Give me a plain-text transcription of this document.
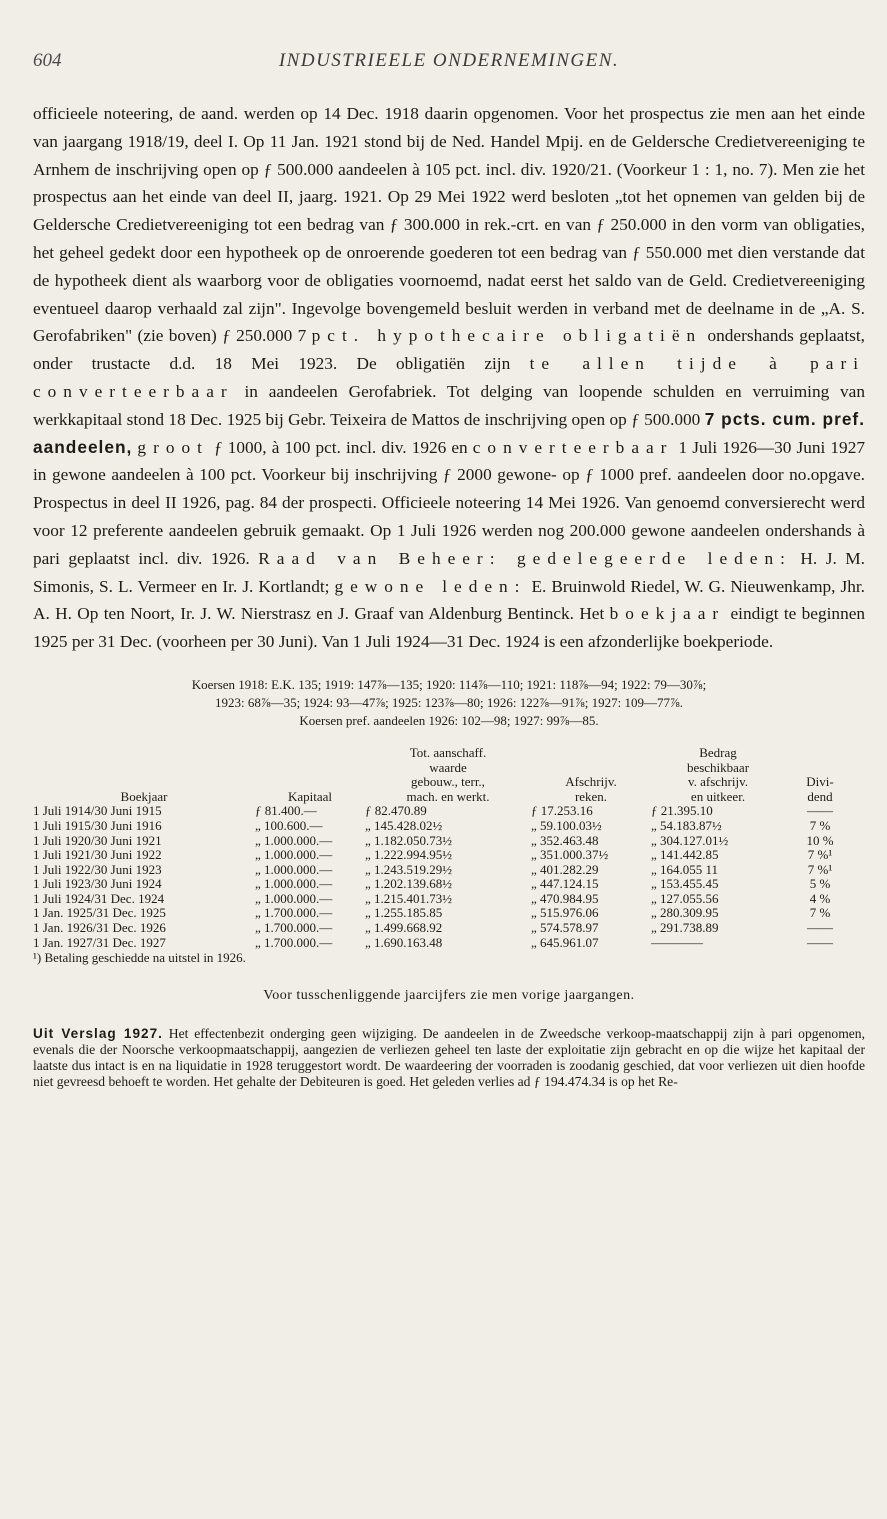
604	INDUSTRIEELE ONDERNEMINGEN.

officieele noteering, de aand. werden op 14 Dec. 1918 daarin opgenomen. Voor het prospectus zie men aan het einde van jaargang 1918/19, deel I. Op 11 Jan. 1921 stond bij de Ned. Handel Mpij. en de Geldersche Credietvereeniging te Arnhem de inschrijving open op ƒ 500.000 aandeelen à 105 pct. incl. div. 1920/21. (Voorkeur 1 : 1, no. 7). Men zie het prospectus aan het einde van deel II, jaarg. 1921. Op 29 Mei 1922 werd besloten „tot het opnemen van gelden bij de Geldersche Credietvereeniging tot een bedrag van ƒ 300.000 in rek.-crt. en van ƒ 250.000 in den vorm van obligaties, het geheel gedekt door een hypotheek op de onroerende goederen tot een bedrag van ƒ 550.000 met dien verstande dat de hypotheek dient als waarborg voor de obligaties voornoemd, nadat eerst het saldo van de Geld. Credietvereeniging eventueel daarop verhaald zal zijn". Ingevolge bovengemeld besluit werden in verband met de deelname in de „A. S. Gerofabriken" (zie boven) ƒ 250.000 7 pct. hypothecaire obligatiën ondershands geplaatst, onder trustacte d.d. 18 Mei 1923. De obligatiën zijn te allen tijde à pari converteerbaar in aandeelen Gerofabriek. Tot delging van loopende schulden en verruiming van werkkapitaal stond 18 Dec. 1925 bij Gebr. Teixeira de Mattos de inschrijving open op ƒ 500.000 7 pcts. cum. pref. aandeelen, groot ƒ 1000, à 100 pct. incl. div. 1926 en converteerbaar 1 Juli 1926—30 Juni 1927 in gewone aandeelen à 100 pct. Voorkeur bij inschrijving ƒ 2000 gewone- op ƒ 1000 pref. aandeelen door no.opgave. Prospectus in deel II 1926, pag. 84 der prospecti. Officieele noteering 14 Mei 1926. Van genoemd conversierecht werd voor 12 preferente aandeelen gebruik gemaakt. Op 1 Juli 1926 werden nog 200.000 gewone aandeelen ondershands à pari geplaatst incl. div. 1926. Raad van Beheer: gedelegeerde leden: H. J. M. Simonis, S. L. Vermeer en Ir. J. Kortlandt; gewone leden: E. Bruinwold Riedel, W. G. Nieuwenkamp, Jhr. A. H. Op ten Noort, Ir. J. W. Nierstrasz en J. Graaf van Aldenburg Bentinck. Het boekjaar eindigt te beginnen 1925 per 31 Dec. (voorheen per 30 Juni). Van 1 Juli 1924—31 Dec. 1924 is een afzonderlijke boekperiode.

Koersen 1918: E.K. 135; 1919: 147⅞—135; 1920: 114⅞—110; 1921: 118⅞—94; 1922: 79—30⅞;
1923: 68⅞—35; 1924: 93—47⅞; 1925: 123⅞—80; 1926: 122⅞—91⅞; 1927: 109—77⅞.
Koersen pref. aandeelen 1926: 102—98; 1927: 99⅞—85.
		Tot. aanschaff.		Bedrag	
		waarde		beschikbaar	
		gebouw., terr.,	Afschrijv.	v. afschrijv.	Divi-
Boekjaar	Kapitaal	mach. en werkt.	reken.	en uitkeer.	dend
1 Juli 1914/30 Juni 1915	ƒ 81.400.—	ƒ 82.470.89	ƒ 17.253.16	ƒ 21.395.10	——
1 Juli 1915/30 Juni 1916	„ 100.600.—	„ 145.428.02½	„ 59.100.03½	„ 54.183.87½	7 %
1 Juli 1920/30 Juni 1921	„ 1.000.000.—	„ 1.182.050.73½	„ 352.463.48	„ 304.127.01½	10 %
1 Juli 1921/30 Juni 1922	„ 1.000.000.—	„ 1.222.994.95½	„ 351.000.37½	„ 141.442.85	7 %¹
1 Juli 1922/30 Juni 1923	„ 1.000.000.—	„ 1.243.519.29½	„ 401.282.29	„ 164.055 11	7 %¹
1 Juli 1923/30 Juni 1924	„ 1.000.000.—	„ 1.202.139.68½	„ 447.124.15	„ 153.455.45	5 %
1 Juli 1924/31 Dec. 1924	„ 1.000.000.—	„ 1.215.401.73½	„ 470.984.95	„ 127.055.56	4 %
1 Jan. 1925/31 Dec. 1925	„ 1.700.000.—	„ 1.255.185.85	„ 515.976.06	„ 280.309.95	7 %
1 Jan. 1926/31 Dec. 1926	„ 1.700.000.—	„ 1.499.668.92	„ 574.578.97	„ 291.738.89	——
1 Jan. 1927/31 Dec. 1927	„ 1.700.000.—	„ 1.690.163.48	„ 645.961.07	————	——
¹) Betaling geschiedde na uitstel in 1926.
Voor tusschenliggende jaarcijfers zie men vorige jaargangen.
Uit Verslag 1927. Het effectenbezit onderging geen wijziging. De aandeelen in de Zweedsche verkoop-maatschappij zijn à pari opgenomen, evenals die der Noorsche verkoopmaatschappij, aangezien de verliezen geheel ten laste der exploitatie zijn gebracht en op die wijze het kapitaal der laatste dus intact is en na liquidatie in 1928 teruggestort wordt. De waardeering der voorraden is zoodanig geschied, dat voor verliezen uit dien hoofde niet gevreesd behoeft te worden. Het gehalte der Debiteuren is goed. Het geleden verlies ad ƒ 194.474.34 is op het Re-
